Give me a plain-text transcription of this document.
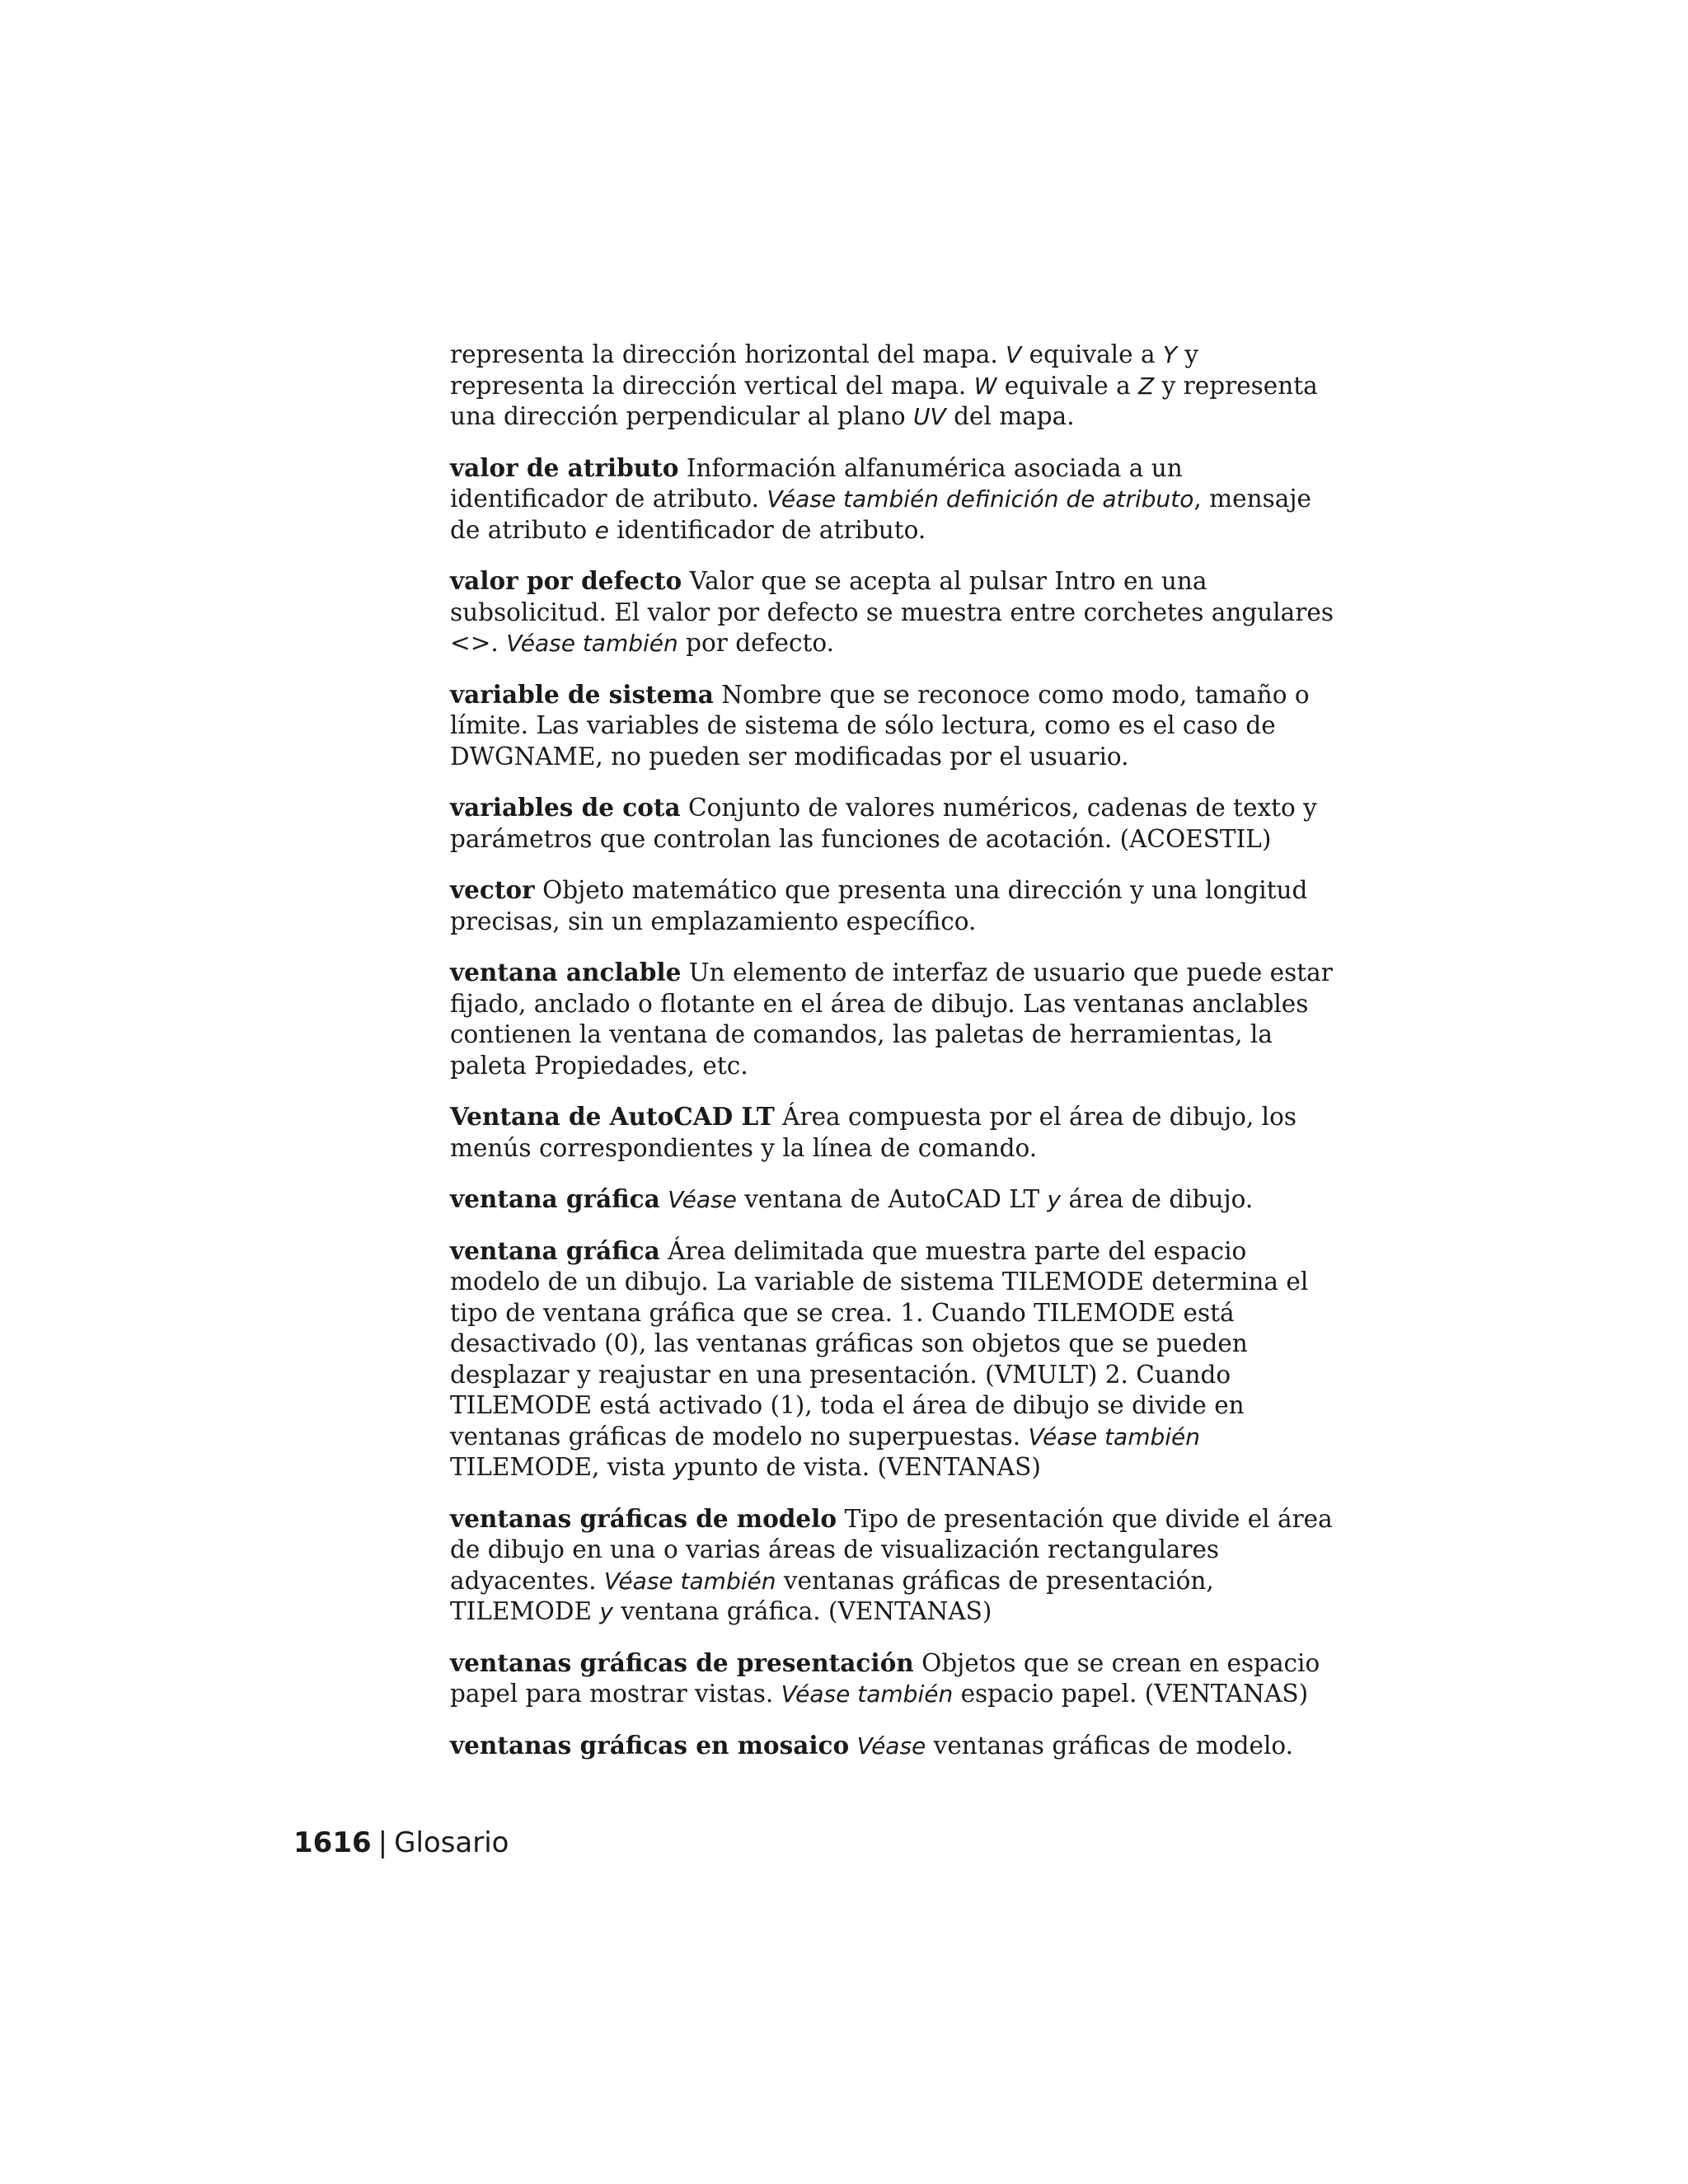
representa la dirección horizontal del mapa. V equivale a Y y representa la dirección vertical del mapa. W equivale a Z y representa una dirección perpendicular al plano UV del mapa.

valor de atributo Información alfanumérica asociada a un identificador de atributo. Véase también definición de atributo, mensaje de atributo e identificador de atributo.

valor por defecto Valor que se acepta al pulsar Intro en una subsolicitud. El valor por defecto se muestra entre corchetes angulares <>. Véase también por defecto.

variable de sistema Nombre que se reconoce como modo, tamaño o límite. Las variables de sistema de sólo lectura, como es el caso de DWGNAME, no pueden ser modificadas por el usuario.

variables de cota Conjunto de valores numéricos, cadenas de texto y parámetros que controlan las funciones de acotación. (ACOESTIL)

vector Objeto matemático que presenta una dirección y una longitud precisas, sin un emplazamiento específico.

ventana anclable Un elemento de interfaz de usuario que puede estar fijado, anclado o flotante en el área de dibujo. Las ventanas anclables contienen la ventana de comandos, las paletas de herramientas, la paleta Propiedades, etc.

Ventana de AutoCAD LT Área compuesta por el área de dibujo, los menús correspondientes y la línea de comando.

ventana gráfica Véase ventana de AutoCAD LT y área de dibujo.

ventana gráfica Área delimitada que muestra parte del espacio modelo de un dibujo. La variable de sistema TILEMODE determina el tipo de ventana gráfica que se crea. 1. Cuando TILEMODE está desactivado (0), las ventanas gráficas son objetos que se pueden desplazar y reajustar en una presentación. (VMULT) 2. Cuando TILEMODE está activado (1), toda el área de dibujo se divide en ventanas gráficas de modelo no superpuestas. Véase también TILEMODE, vista ypunto de vista. (VENTANAS)

ventanas gráficas de modelo Tipo de presentación que divide el área de dibujo en una o varias áreas de visualización rectangulares adyacentes. Véase también ventanas gráficas de presentación, TILEMODE y ventana gráfica. (VENTANAS)

ventanas gráficas de presentación Objetos que se crean en espacio papel para mostrar vistas. Véase también espacio papel. (VENTANAS)

ventanas gráficas en mosaico Véase ventanas gráficas de modelo.

1616 | Glosario
